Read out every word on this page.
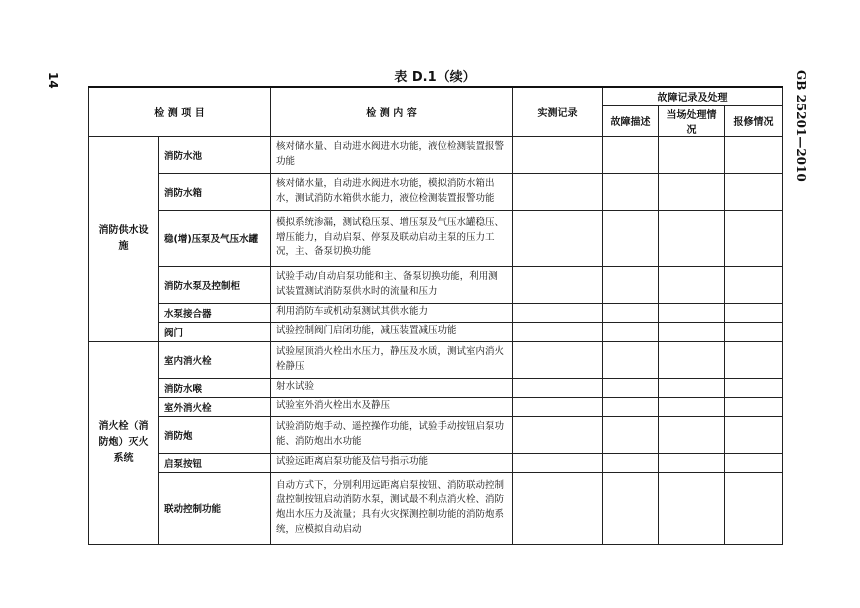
14	GB 25201—2010
表 D.1（续）
检 测 项 目		检 测 内 容	实测记录	故障记录及处理		
				故障描述	当场处理情况	报修情况
消防供水设施	消防水池	核对储水量、自动进水阀进水功能，液位检测装置报警功能				
	消防水箱	核对储水量，自动进水阀进水功能，模拟消防水箱出水，测试消防水箱供水能力，液位检测装置报警功能				
	稳(增)压泵及气压水罐	模拟系统渗漏，测试稳压泵、增压泵及气压水罐稳压、增压能力，自动启泵、停泵及联动启动主泵的压力工况，主、备泵切换功能				
	消防水泵及控制柜	试验手动/自动启泵功能和主、备泵切换功能，利用测试装置测试消防泵供水时的流量和压力				
	水泵接合器	利用消防车或机动泵测试其供水能力				
	阀门	试验控制阀门启闭功能，减压装置减压功能				
消火栓（消防炮）灭火系统	室内消火栓	试验屋顶消火栓出水压力，静压及水质，测试室内消火栓静压				
	消防水喉	射水试验				
	室外消火栓	试验室外消火栓出水及静压				
	消防炮	试验消防炮手动、遥控操作功能，试验手动按钮启泵功能、消防炮出水功能				
	启泵按钮	试验远距离启泵功能及信号指示功能				
	联动控制功能	自动方式下，分别利用远距离启泵按钮、消防联动控制盘控制按钮启动消防水泵，测试最不利点消火栓、消防炮出水压力及流量；具有火灾探测控制功能的消防炮系统，应模拟自动启动				
